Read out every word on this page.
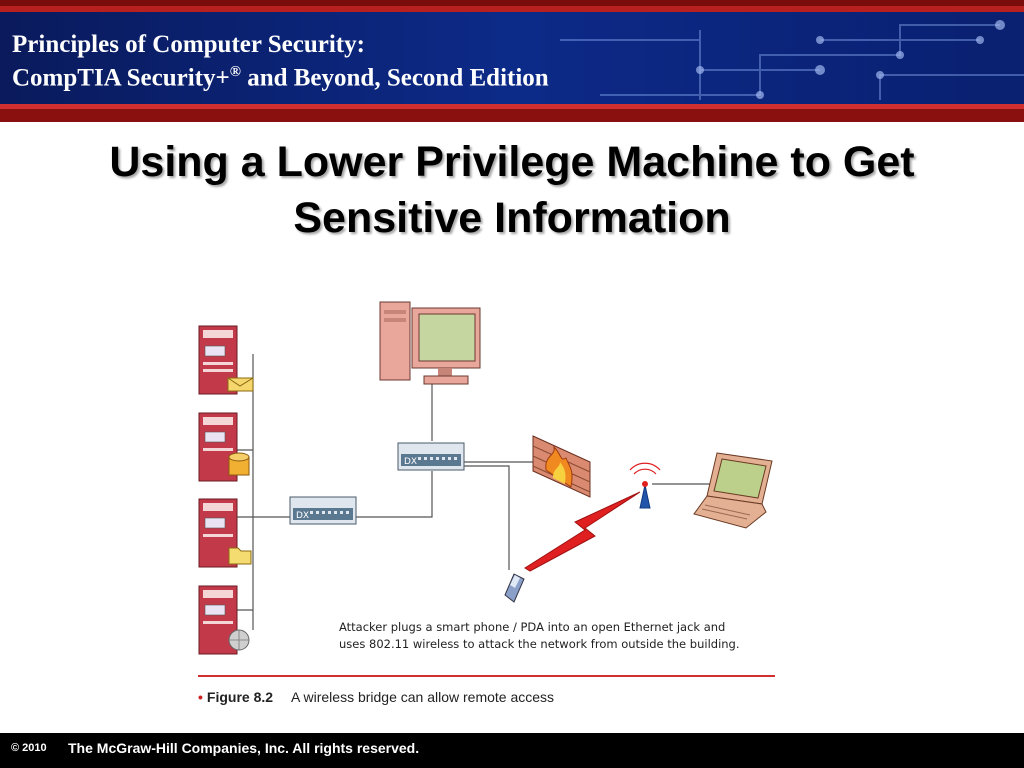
Principles of Computer Security:
CompTIA Security+® and Beyond, Second Edition
Using a Lower Privilege Machine to Get
Sensitive Information
DX
DX
Attacker plugs a smart phone / PDA into an open Ethernet jack and
uses 802.11 wireless to attack the network from outside the building.
• Figure 8.2 A wireless bridge can allow remote access
© 2010 The McGraw-Hill Companies, Inc. All rights reserved.
